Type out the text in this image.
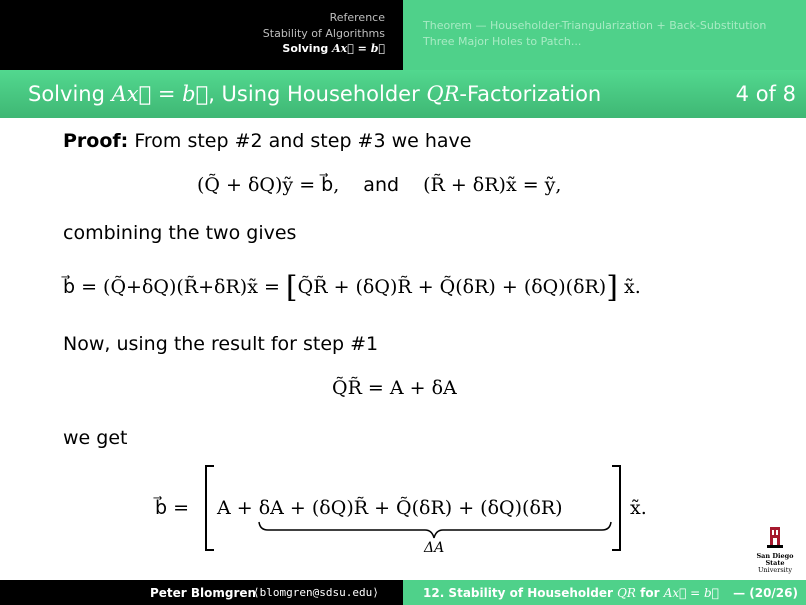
Reference
Stability of Algorithms
Solving Ax⃗ = b⃗
Theorem — Householder-Triangularization + Back-Substitution
Three Major Holes to Patch...
Solving Ax⃗ = b⃗, Using Householder QR-Factorization	4 of 8
Proof: From step #2 and step #3 we have
(Q̃ + δQ)ỹ = b⃗, and (R̃ + δR)x̃ = ỹ,
combining the two gives
b⃗ = (Q̃+δQ)(R̃+δR)x̃ = [Q̃R̃ + (δQ)R̃ + Q̃(δR) + (δQ)(δR)] x̃.
Now, using the result for step #1
Q̃R̃ = A + δA
we get
b⃗ = A + δA + (δQ)R̃ + Q̃(δR) + (δQ)(δR)	x̃.
ΔA	San Diego State
University
Peter Blomgren
⟨blomgren@sdsu.edu⟩	12. Stability of Householder QR for Ax⃗ = b⃗ — (20/26)
